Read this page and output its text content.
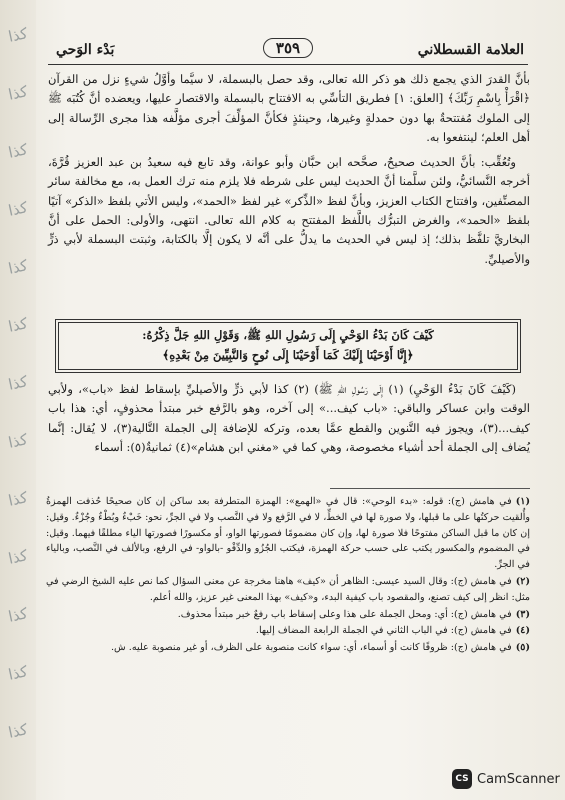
كذا
كذا
كذا
كذا
كذا
كذا
كذا
كذا
كذا
كذا
كذا
كذا
كذا
العلامة القسطلاني
٣٥٩
بَدْء الوَحي

بأنَّ القدرَ الذي يجمع ذلك هو ذكر الله تعالى، وقد حصل بالبسملة، لا سيَّما وأوَّلُ شيءٍ نزل من القرآن ﴿اقْرَأْ بِاسْمِ رَبِّكَ﴾ [العلق: ١] فطريق التأسِّي به الافتتاح بالبسملة والاقتصار عليها، ويعضده أنَّ كُتُبَه ﷺ إلى الملوك مُفتتحةٌ بها دون حمدلةٍ وغيرها، وحينئذٍ فكأنَّ المؤلِّفَ أجرى مؤلَّفه هذا مجرى الرِّسالة إلى أهل العلم؛ لينتفعوا به.

وتُعُقِّب: بأنَّ الحديث صحيحٌ، صحَّحه ابن حبَّان وأبو عوانة، وقد تابع فيه سعيدُ بن عبد العزيز قُرَّةَ، أخرجه النَّسائيُّ، ولئن سلَّمنا أنَّ الحديث ليس على شرطه فلا يلزم منه ترك العمل به، مع مخالفة سائر المصنِّفين، وافتتاح الكتاب العزيز، وبأنَّ لفظ «الذِّكر» غير لفظ «الحمد»، وليس الأتي بلفظ «الذكر» آتيًا بلفظ «الحمد»، والغرض التبرُّك باللَّفظ المفتتح به كلام الله تعالى. انتهى، والأولى: الحمل على أنَّ البخاريَّ تلفَّظ بذلك؛ إذ ليس في الحديث ما يدلُّ على أنَّه لا يكون إلَّا بالكتابة، وثبتت البسملة لأبي ذرٍّ والأصيليِّ.

كَيْفَ كَانَ بَدْءُ الوَحْيِ إِلَى رَسُولِ اللهِ ﷺ، وَقَوْلِ اللهِ جَلَّ ذِكْرُهُ:
﴿إِنَّا أَوْحَيْنَا إِلَيْكَ كَمَا أَوْحَيْنَا إِلَى نُوحٍ وَالنَّبِيِّينَ مِنْ بَعْدِهِ﴾

(كَيْفَ كَانَ بَدْءُ الوَحْيِ) (١) إِلَى رَسُولِ اللهِ ﷺ) (٢) كذا لأبي ذرٍّ والأصيليِّ بإسقاط لفظ «باب»، ولأبي الوقت وابن عساكر والباقي: «باب كيف...» إلى آخره، وهو بالرَّفع خبر مبتدأ محذوفٍ، أي: هذا باب كيف...(٣)، ويجوز فيه التَّنوين والقطع عمَّا بعده، وتركه للإضافة إلى الجملة التَّالية(٣)، لا يُقال: إنَّما يُضاف إلى الجملة أحد أشياء مخصوصة، وهي كما في «مغني ابن هشام»(٤) ثمانيةٌ(٥): أسماء

(١)في هامش (ج): قوله: «بدء الوحي»: قال في «الهمع»: الهمزة المتطرفة بعد ساكن إن كان صحيحًا حُذفت الهمزةُ وأُلقيت حركتُها على ما قبلها، ولا صورة لها في الخطِّ، لا في الرَّفع ولا في النَّصب ولا في الجرِّ، نحو: خَبْءٌ وبُطْءٌ وجُزْءٌ. وقيل: إن كان ما قبل الساكن مفتوحًا فلا صورة لها، وإن كان مضمومًا فصورتها الواو، أو مكسورًا فصورتها الياء مطلقًا فيهما. وقيل: في المضموم والمكسور يكتب على حسب حركة الهمزة، فيكتب الجُزُو والدِّفْو -بالواو- في الرفع، وبالألف في النَّصب، وبالياء في الجرِّ.
(٢)في هامش (ج): وقال السيد عيسى: الظاهر أن «كيف» هاهنا مخرجة عن معنى السؤال كما نص عليه الشيخ الرضي في مثل: انظر إلى كيف تصنع، والمقصود باب كيفية البدء، و«كيف» بهذا المعنى غير عزيز، والله أعلم.
(٣)في هامش (ج): أي: ومحل الجملة على هذا وعلى إسقاط باب رفعٌ خبر مبتدأ محذوف.
(٤)في هامش (ج): في الباب الثاني في الجملة الرابعة المضاف إليها.
(٥)في هامش (ج): ظروفًا كانت أو أسماء، أي: سواء كانت منصوبة على الظرف، أو غير منصوبة عليه. ش.
CS CamScanner
